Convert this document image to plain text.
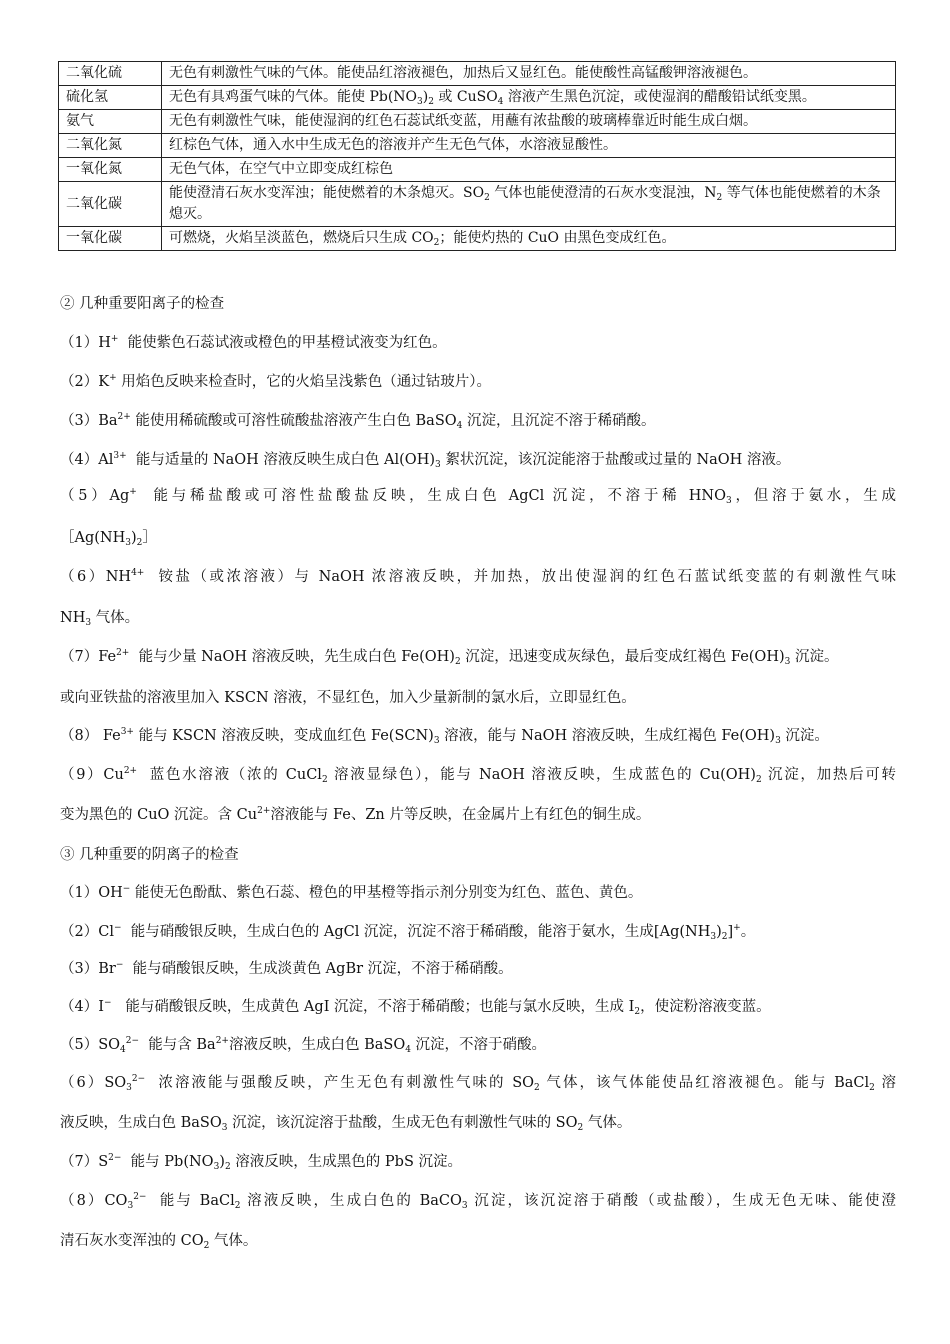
二氧化硫	无色有刺激性气味的气体。能使品红溶液褪色，加热后又显红色。能使酸性高锰酸钾溶液褪色。
硫化氢	无色有具鸡蛋气味的气体。能使 $Pb(NO_3)_2$ 或 CuSO$_4$ 溶液产生黑色沉淀，或使湿润的醋酸铅试纸变黑。
氨气	无色有刺激性气味，能使湿润的红色石蕊试纸变蓝，用蘸有浓盐酸的玻璃棒靠近时能生成白烟。
二氧化氮	红棕色气体，通入水中生成无色的溶液并产生无色气体，水溶液显酸性。
一氧化氮	无色气体，在空气中立即变成红棕色
二氧化碳	能使澄清石灰水变浑浊；能使燃着的木条熄灭。$SO_2$ 气体也能使澄清的石灰水变混浊，$N_2$ 等气体也能使燃着的木条熄灭。
一氧化碳	可燃烧，火焰呈淡蓝色，燃烧后只生成 $CO_2$；能使灼热的 CuO 由黑色变成红色。
② 几种重要阳离子的检查
（1）H+  能使紫色石蕊试液或橙色的甲基橙试液变为红色。
（2）K+ 用焰色反映来检查时，它的火焰呈浅紫色（通过钴玻片）。
$(3)Ba^{2+}$ 能使用稀硫酸或可溶性硫酸盐溶液产生白色 BaSO$_4$ 沉淀，且沉淀不溶于稀硝酸。
$(4)Al^{3+}$  能与适量的 NaOH 溶液反映生成白色 $Al(OH)_3$ 絮状沉淀，该沉淀能溶于盐酸或过量的 NaOH 溶液。
（5）Ag+  能与稀盐酸或可溶性盐酸盐反映，生成白色 AgCl 沉淀，不溶于稀 $HNO_3$，但溶于氨水，生成
$[Ag(NH_3)_2]$
$(6)NH^{4+}$  铵盐（或浓溶液）与 NaOH 浓溶液反映，并加热，放出使湿润的红色石蓝试纸变蓝的有刺激性气味
$NH_3$ 气体。
$(7)Fe^{2+}$  能与少量 NaOH 溶液反映，先生成白色 $Fe(OH)_2$ 沉淀，迅速变成灰绿色，最后变成红褐色 $Fe(OH)_3$ 沉淀。
或向亚铁盐的溶液里加入 KSCN 溶液，不显红色，加入少量新制的氯水后，立即显红色。
（8） $Fe^{3+}$ 能与 KSCN 溶液反映，变成血红色 $Fe(SCN)_3$ 溶液，能与 NaOH 溶液反映，生成红褐色 $Fe(OH)_3$ 沉淀。
$(9)Cu^{2+}$  蓝色水溶液（浓的 CuCl$_2$ 溶液显绿色），能与 NaOH 溶液反映，生成蓝色的 $Cu(OH)_2$ 沉淀，加热后可转
变为黑色的 CuO 沉淀。含 $Cu^{2+}$溶液能与 Fe、Zn 片等反映，在金属片上有红色的铜生成。
③ 几种重要的阴离子的检查
（1）OH− 能使无色酚酞、紫色石蕊、橙色的甲基橙等指示剂分别变为红色、蓝色、黄色。
（2）Cl−  能与硝酸银反映，生成白色的 AgCl 沉淀，沉淀不溶于稀硝酸，能溶于氨水，生成$[Ag(NH_3)_2]^+$。
（3）Br−  能与硝酸银反映，生成淡黄色 AgBr 沉淀，不溶于稀硝酸。
（4）I−   能与硝酸银反映，生成黄色 AgI 沉淀，不溶于稀硝酸；也能与氯水反映，生成 $I_2$，使淀粉溶液变蓝。
$(5)SO_4^{2-}$  能与含 $Ba^{2+}$溶液反映，生成白色 BaSO$_4$ 沉淀，不溶于硝酸。
$(6)SO_3^{2-}$  浓溶液能与强酸反映，产生无色有刺激性气味的 $SO_2$ 气体，该气体能使品红溶液褪色。能与 BaCl$_2$ 溶
液反映，生成白色 BaSO$_3$ 沉淀，该沉淀溶于盐酸，生成无色有刺激性气味的 $SO_2$ 气体。
$(7)S^{2-}$  能与 $Pb(NO_3)_2$ 溶液反映，生成黑色的 PbS 沉淀。
$(8)CO_3^{2-}$  能与 BaCl$_2$ 溶液反映，生成白色的 BaCO$_3$ 沉淀，该沉淀溶于硝酸（或盐酸），生成无色无味、能使澄
清石灰水变浑浊的 $CO_2$ 气体。
